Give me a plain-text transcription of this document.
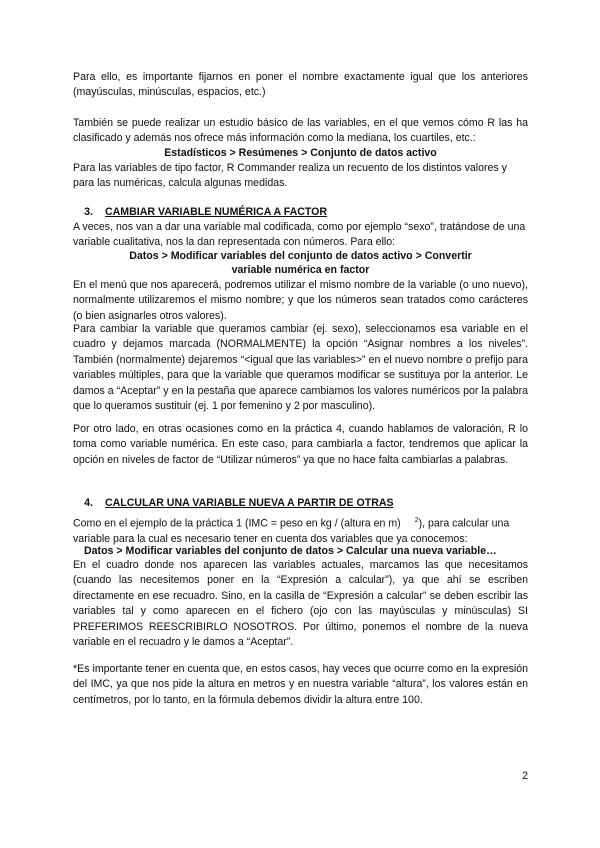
Para ello, es importante fijarnos en poner el nombre exactamente igual que los anteriores (mayúsculas, minúsculas, espacios, etc.)

También se puede realizar un estudio básico de las variables, en el que vemos cómo R las ha clasificado y además nos ofrece más información como la mediana, los cuartiles, etc.:

Estadísticos > Resúmenes > Conjunto de datos activo

Para las variables de tipo factor, R Commander realiza un recuento de los distintos valores y para las numéricas, calcula algunas medidas.

3. CAMBIAR VARIABLE NUMÉRICA A FACTOR

A veces, nos van a dar una variable mal codificada, como por ejemplo “sexo”, tratándose de una variable cualitativa, nos la dan representada con números. Para ello:

Datos > Modificar variables del conjunto de datos activo > Convertir

variable numérica en factor

En el menú que nos aparecerá, podremos utilizar el mismo nombre de la variable (o uno nuevo), normalmente utilizaremos el mismo nombre; y que los números sean tratados como carácteres (o bien asignarles otros valores).

Para cambiar la variable que queramos cambiar (ej. sexo), seleccionamos esa variable en el cuadro y dejamos marcada (NORMALMENTE) la opción “Asignar nombres a los niveles”. También (normalmente) dejaremos “<igual que las variables>” en el nuevo nombre o prefijo para variables múltiples, para que la variable que queramos modificar se sustituya por la anterior. Le damos a “Aceptar” y en la pestaña que aparece cambiamos los valores numéricos por la palabra que lo queramos sustituir (ej. 1 por femenino y 2 por masculino).

Por otro lado, en otras ocasiones como en la práctica 4, cuando hablamos de valoración, R lo toma como variable numérica. En este caso, para cambiarla a factor, tendremos que aplicar la opción en niveles de factor de “Utilizar números” ya que no hace falta cambiarlas a palabras.

4. CALCULAR UNA VARIABLE NUEVA A PARTIR DE OTRAS

Como en el ejemplo de la práctica 1 (IMC = peso en kg / (altura en m) $^2$), para calcular una variable para la cual es necesario tener en cuenta dos variables que ya conocemos:

Datos > Modificar variables del conjunto de datos > Calcular una nueva variable…

En el cuadro donde nos aparecen las variables actuales, marcamos las que necesitamos (cuando las necesitemos poner en la “Expresión a calcular”), ya que ahí se escriben directamente en ese recuadro. Sino, en la casilla de “Expresión a calcular” se deben escribir las variables tal y como aparecen en el fichero (ojo con las mayúsculas y minúsculas) SI PREFERIMOS REESCRIBIRLO NOSOTROS. Por último, ponemos el nombre de la nueva variable en el recuadro y le damos a “Aceptar”.

*Es importante tener en cuenta que, en estos casos, hay veces que ocurre como en la expresión del IMC, ya que nos pide la altura en metros y en nuestra variable “altura”, los valores están en centímetros, por lo tanto, en la fórmula debemos dividir la altura entre 100.

2
